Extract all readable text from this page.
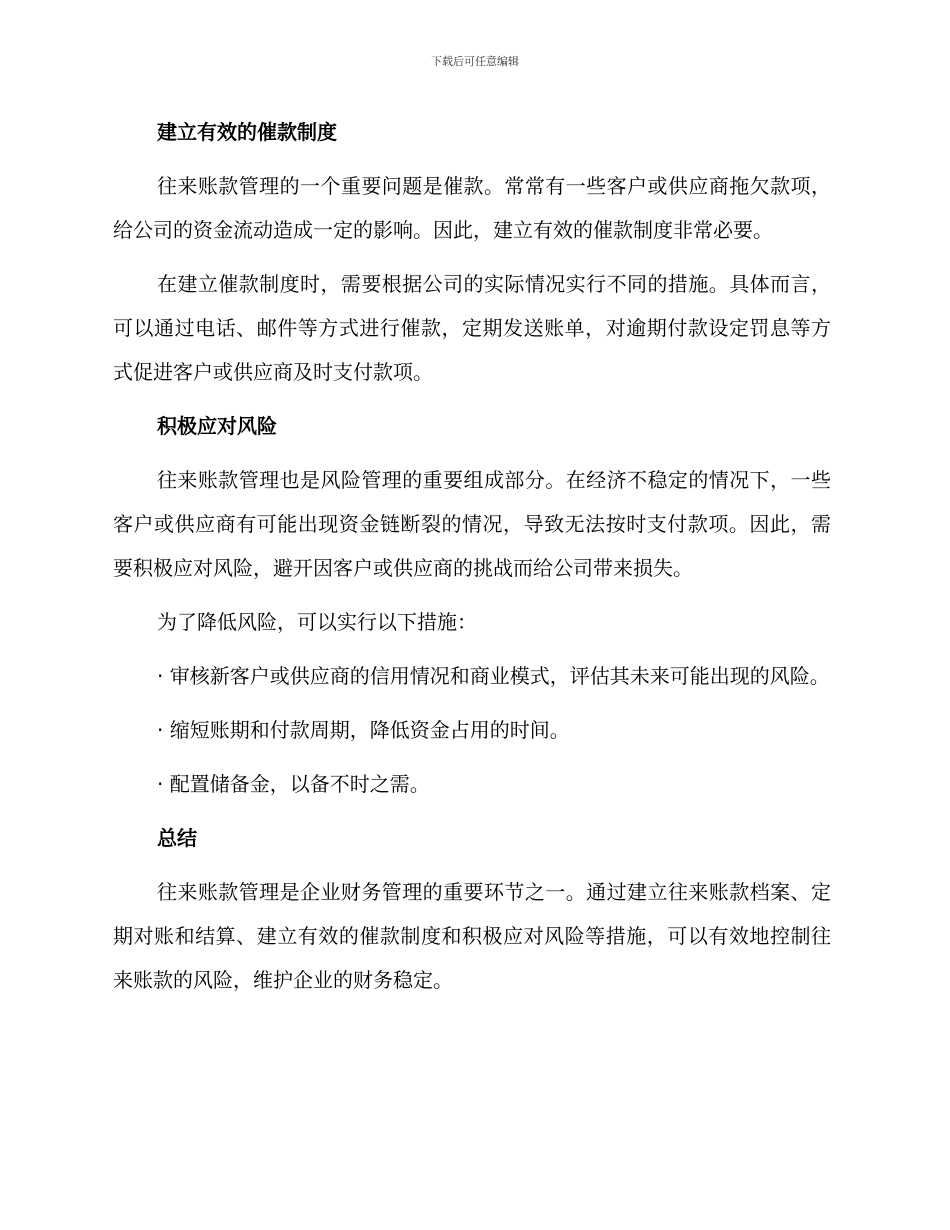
下载后可任意编辑
建立有效的催款制度

往来账款管理的一个重要问题是催款。常常有一些客户或供应商拖欠款项，给公司的资金流动造成一定的影响。因此，建立有效的催款制度非常必要。

在建立催款制度时，需要根据公司的实际情况实行不同的措施。具体而言，可以通过电话、邮件等方式进行催款，定期发送账单，对逾期付款设定罚息等方式促进客户或供应商及时支付款项。

积极应对风险

往来账款管理也是风险管理的重要组成部分。在经济不稳定的情况下，一些客户或供应商有可能出现资金链断裂的情况，导致无法按时支付款项。因此，需要积极应对风险，避开因客户或供应商的挑战而给公司带来损失。

为了降低风险，可以实行以下措施：

· 审核新客户或供应商的信用情况和商业模式，评估其未来可能出现的风险。

· 缩短账期和付款周期，降低资金占用的时间。

· 配置储备金，以备不时之需。

总结

往来账款管理是企业财务管理的重要环节之一。通过建立往来账款档案、定期对账和结算、建立有效的催款制度和积极应对风险等措施，可以有效地控制往来账款的风险，维护企业的财务稳定。
